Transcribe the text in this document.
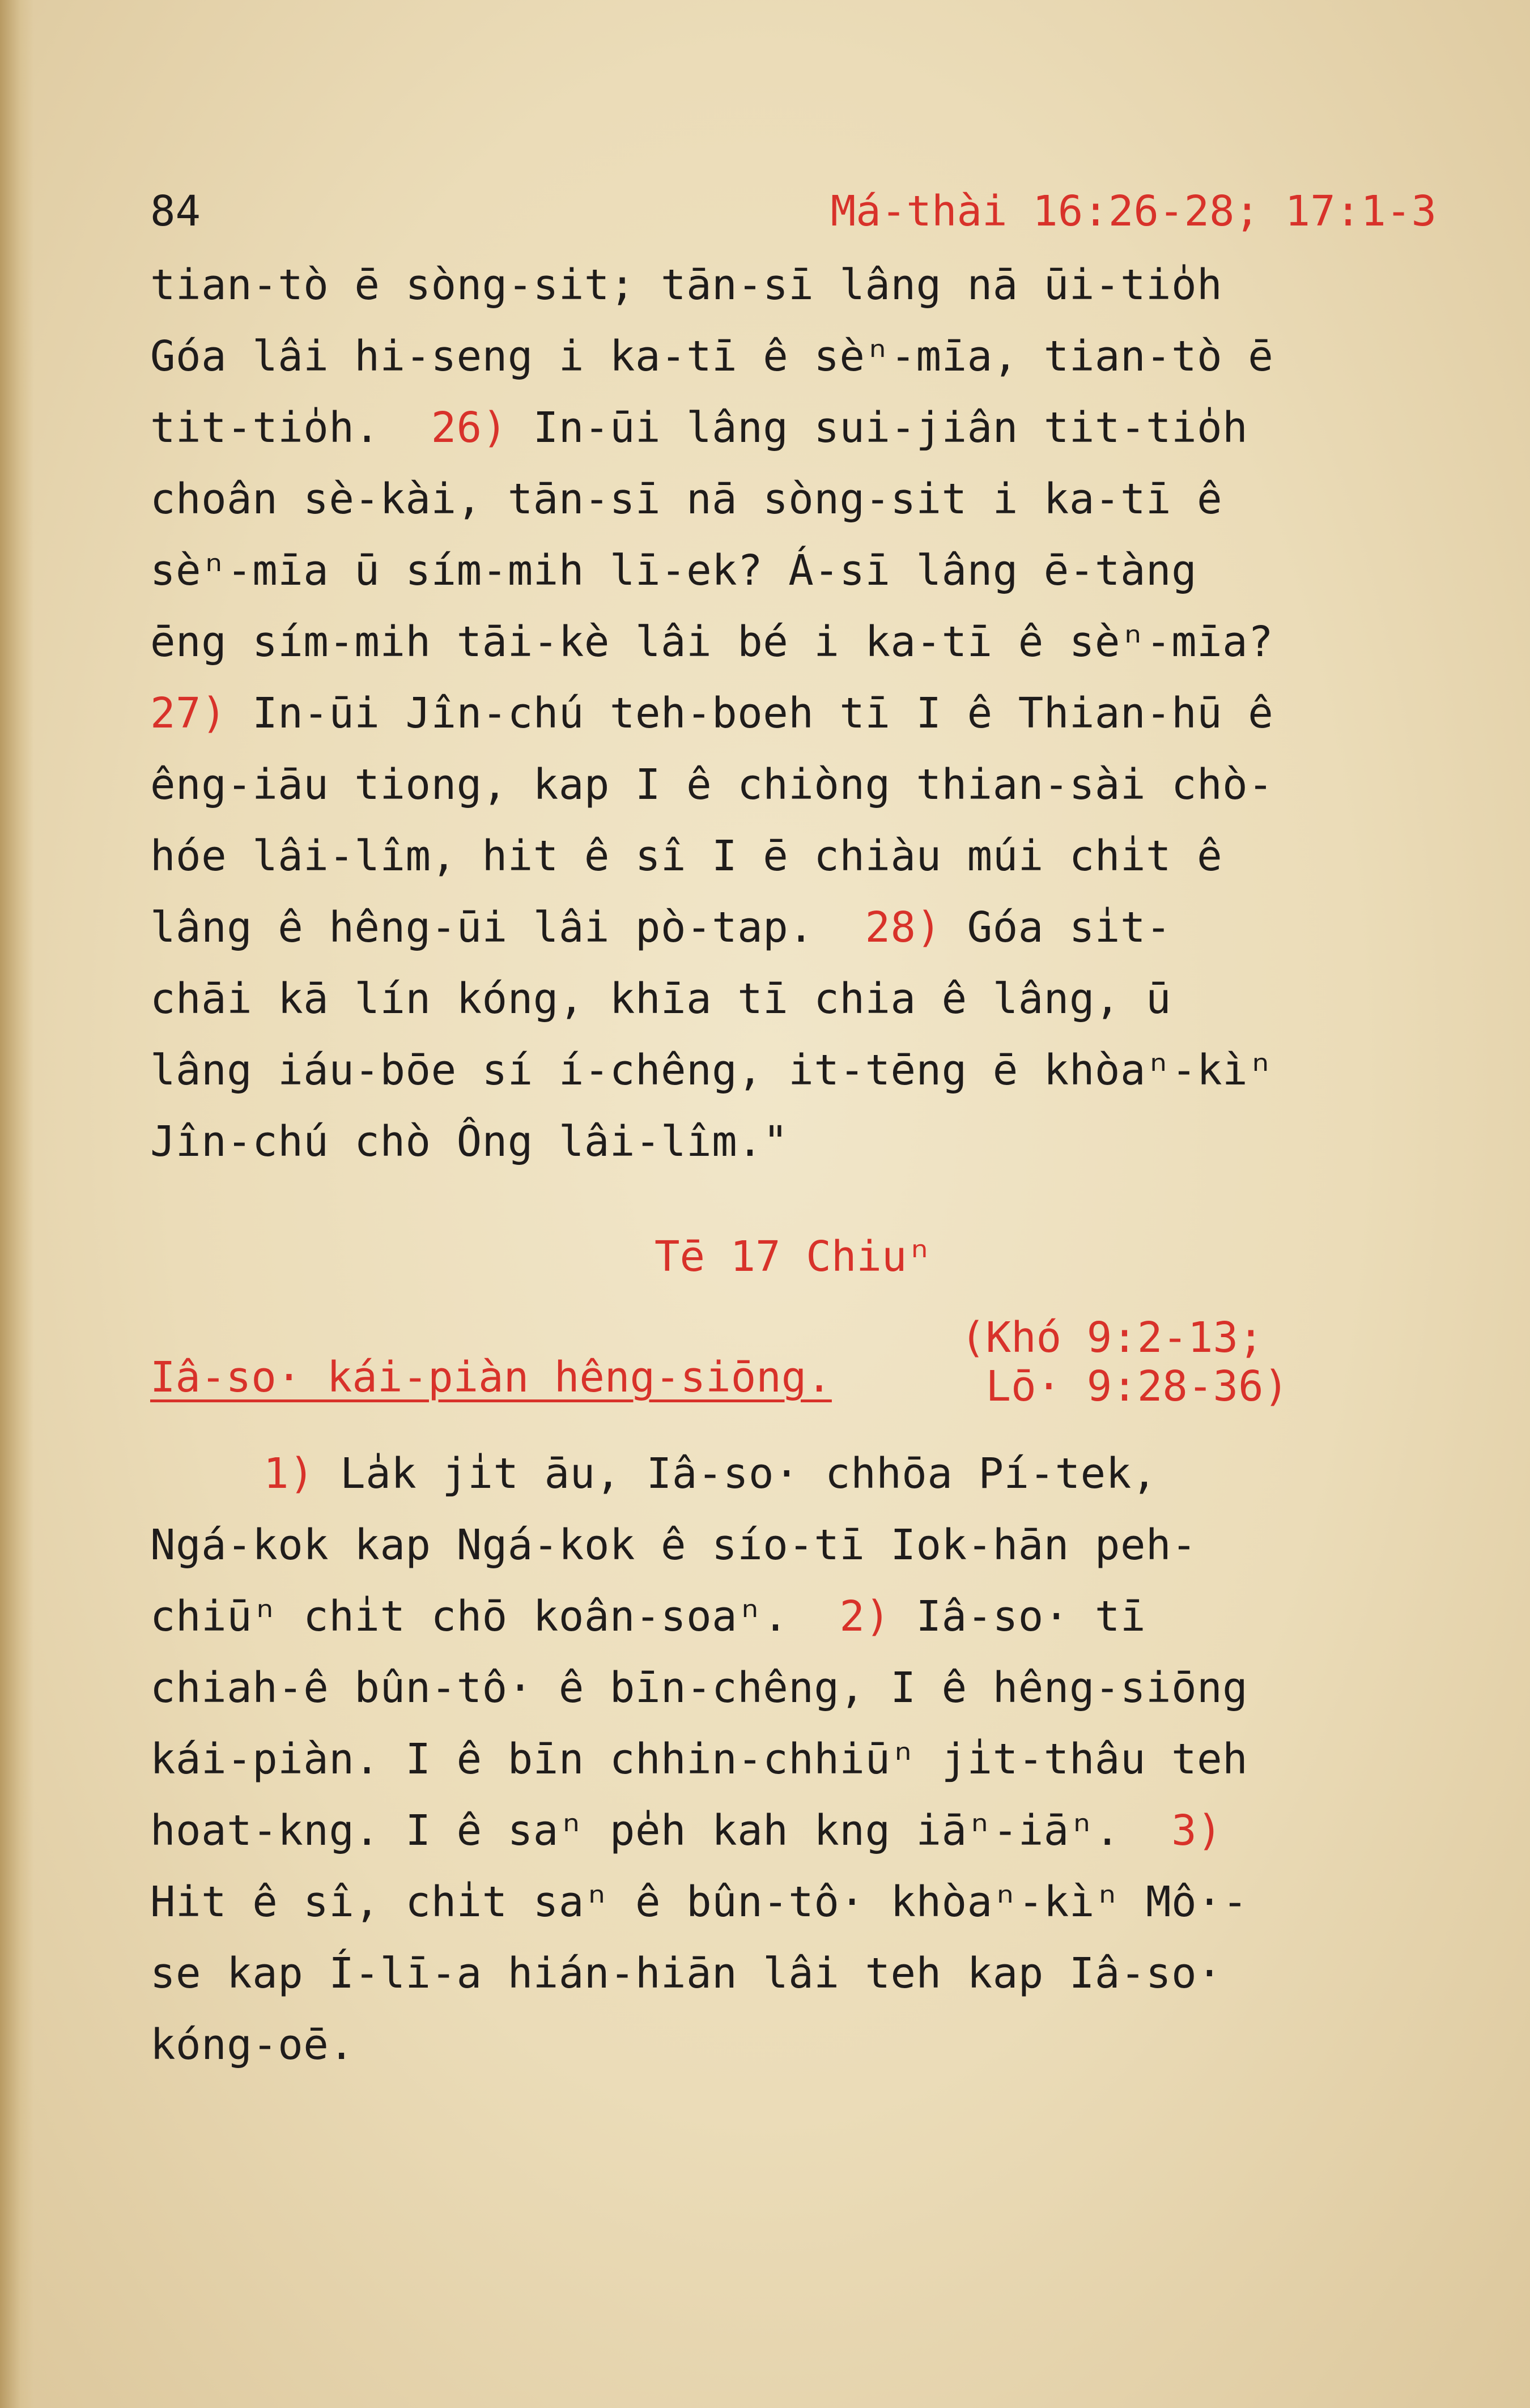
84	Má-thài 16:26-28; 17:1-3
tian-tò ē sòng-sit; tān-sī lâng nā ūi-tio̍h
Góa lâi hi-seng i ka-tī ê sèⁿ-mīa, tian-tò ē
tit-tio̍h.  26) In-ūi lâng sui-jiân tit-tio̍h
choân sè-kài, tān-sī nā sòng-sit i ka-tī ê
sèⁿ-mīa ū sím-mih lī-ek? Á-sī lâng ē-tàng
ēng sím-mih tāi-kè lâi bé i ka-tī ê sèⁿ-mīa?
27) In-ūi Jîn-chú teh-boeh tī I ê Thian-hū ê
êng-iāu tiong, kap I ê chiòng thian-sài chò-
hóe lâi-lîm, hit ê sî I ē chiàu múi chi̍t ê
lâng ê hêng-ūi lâi pò-tap.  28) Góa si̍t-
chāi kā lín kóng, khīa tī chia ê lâng, ū
lâng iáu-bōe sí í-chêng, it-tēng ē khòaⁿ-kìⁿ
Jîn-chú chò Ông lâi-lîm."
Tē 17 Chiuⁿ
Iâ-so· kái-piàn hêng-siōng.
(Khó 9:2-13;
Lō· 9:28-36)
1) La̍k ji̍t āu, Iâ-so· chhōa Pí-tek,
Ngá-kok kap Ngá-kok ê sío-tī Iok-hān peh-
chiūⁿ chi̍t chō koân-soaⁿ.  2) Iâ-so· tī
chiah-ê bûn-tô· ê bīn-chêng, I ê hêng-siōng
kái-piàn. I ê bīn chhin-chhiūⁿ ji̍t-thâu teh
hoat-kng. I ê saⁿ pe̍h kah kng iāⁿ-iāⁿ.  3)
Hit ê sî, chi̍t saⁿ ê bûn-tô· khòaⁿ-kìⁿ Mô·-
se kap Í-lī-a hián-hiān lâi teh kap Iâ-so·
kóng-oē.
